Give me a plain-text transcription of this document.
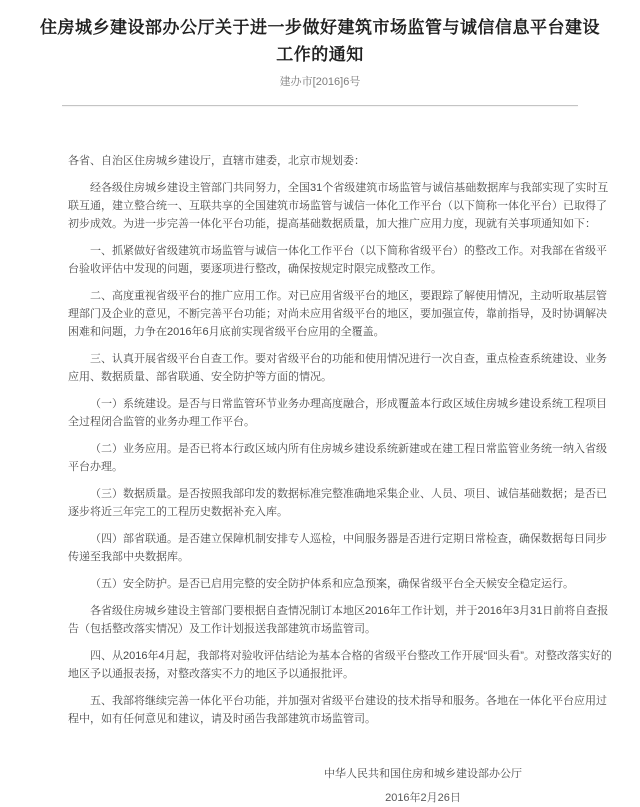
住房城乡建设部办公厅关于进一步做好建筑市场监管与诚信信息平台建设工作的通知
建办市[2016]6号

各省、自治区住房城乡建设厅，直辖市建委，北京市规划委：

经各级住房城乡建设主管部门共同努力，全国31个省级建筑市场监管与诚信基础数据库与我部实现了实时互联互通，建立整合统一、互联共享的全国建筑市场监管与诚信一体化工作平台（以下简称一体化平台）已取得了初步成效。为进一步完善一体化平台功能，提高基础数据质量，加大推广应用力度，现就有关事项通知如下：

一、抓紧做好省级建筑市场监管与诚信一体化工作平台（以下简称省级平台）的整改工作。对我部在省级平台验收评估中发现的问题，要逐项进行整改，确保按规定时限完成整改工作。

二、高度重视省级平台的推广应用工作。对已应用省级平台的地区，要跟踪了解使用情况，主动听取基层管理部门及企业的意见，不断完善平台功能；对尚未应用省级平台的地区，要加强宣传，靠前指导，及时协调解决困难和问题，力争在2016年6月底前实现省级平台应用的全覆盖。

三、认真开展省级平台自查工作。要对省级平台的功能和使用情况进行一次自查，重点检查系统建设、业务应用、数据质量、部省联通、安全防护等方面的情况。

（一）系统建设。是否与日常监管环节业务办理高度融合，形成覆盖本行政区域住房城乡建设系统工程项目全过程闭合监管的业务办理工作平台。

（二）业务应用。是否已将本行政区域内所有住房城乡建设系统新建或在建工程日常监管业务统一纳入省级平台办理。

（三）数据质量。是否按照我部印发的数据标准完整准确地采集企业、人员、项目、诚信基础数据；是否已逐步将近三年完工的工程历史数据补充入库。

（四）部省联通。是否建立保障机制安排专人巡检，中间服务器是否进行定期日常检查，确保数据每日同步传递至我部中央数据库。

（五）安全防护。是否已启用完整的安全防护体系和应急预案，确保省级平台全天候安全稳定运行。

各省级住房城乡建设主管部门要根据自查情况制订本地区2016年工作计划，并于2016年3月31日前将自查报告（包括整改落实情况）及工作计划报送我部建筑市场监管司。

四、从2016年4月起，我部将对验收评估结论为基本合格的省级平台整改工作开展“回头看”。对整改落实好的地区予以通报表扬，对整改落实不力的地区予以通报批评。

五、我部将继续完善一体化平台功能，并加强对省级平台建设的技术指导和服务。各地在一体化平台应用过程中，如有任何意见和建议，请及时函告我部建筑市场监管司。

中华人民共和国住房和城乡建设部办公厅
2016年2月26日
